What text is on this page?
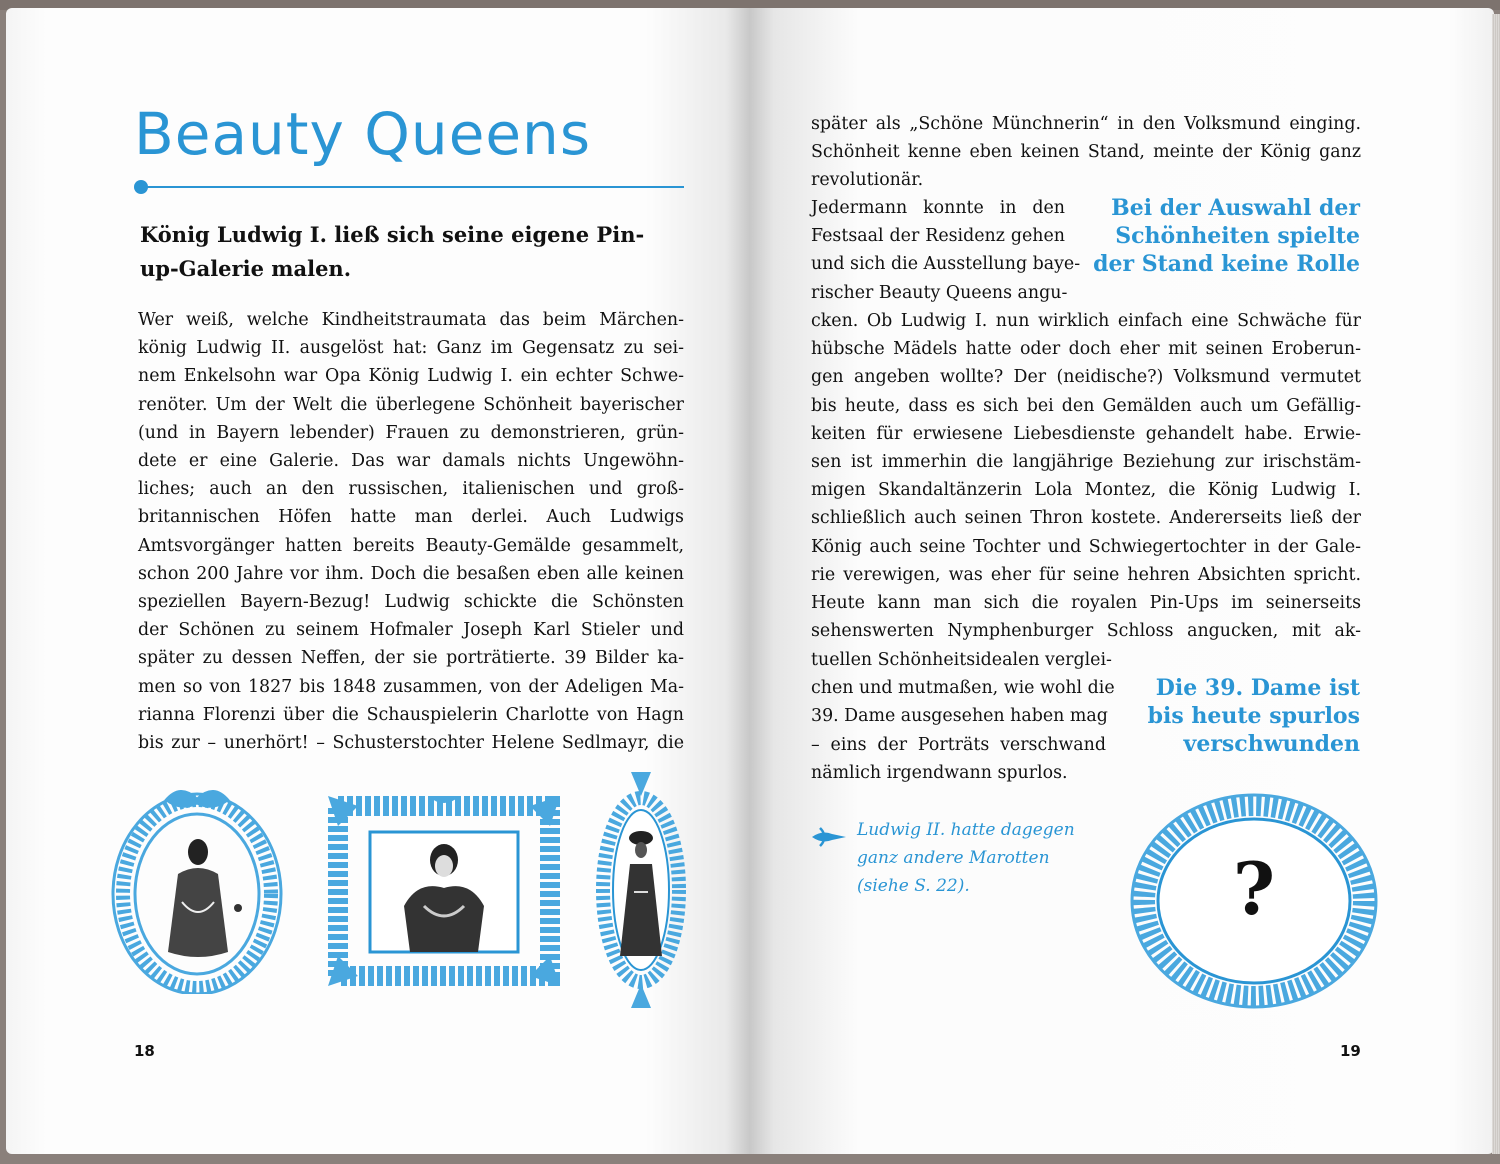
Beauty Queens
König Ludwig I. ließ sich seine eigene Pin-up-Galerie malen.
Wer weiß, welche Kindheitstraumata das beim Märchen-
könig Ludwig II. ausgelöst hat: Ganz im Gegensatz zu sei-
nem Enkelsohn war Opa König Ludwig I. ein echter Schwe-
renöter. Um der Welt die überlegene Schönheit bayerischer
(und in Bayern lebender) Frauen zu demonstrieren, grün-
dete er eine Galerie. Das war damals nichts Ungewöhn-
liches; auch an den russischen, italienischen und groß-
britannischen Höfen hatte man derlei. Auch Ludwigs
Amtsvorgänger hatten bereits Beauty-Gemälde gesammelt,
schon 200 Jahre vor ihm. Doch die besaßen eben alle keinen
speziellen Bayern-Bezug! Ludwig schickte die Schönsten
der Schönen zu seinem Hofmaler Joseph Karl Stieler und
später zu dessen Neffen, der sie porträtierte. 39 Bilder ka-
men so von 1827 bis 1848 zusammen, von der Adeligen Ma-
rianna Florenzi über die Schauspielerin Charlotte von Hagn
bis zur – unerhört! – Schusterstochter Helene Sedlmayr, die
18
später als „Schöne Münchnerin“ in den Volksmund einging.
Schönheit kenne eben keinen Stand, meinte der König ganz
revolutionär.
Jedermann konnte in den
Festsaal der Residenz gehen
und sich die Ausstellung baye-
rischer Beauty Queens angu-
Bei der Auswahl der Schönheiten spielte der Stand keine Rolle
cken. Ob Ludwig I. nun wirklich einfach eine Schwäche für
hübsche Mädels hatte oder doch eher mit seinen Eroberun-
gen angeben wollte? Der (neidische?) Volksmund vermutet
bis heute, dass es sich bei den Gemälden auch um Gefällig-
keiten für erwiesene Liebesdienste gehandelt habe. Erwie-
sen ist immerhin die langjährige Beziehung zur irischstäm-
migen Skandaltänzerin Lola Montez, die König Ludwig I.
schließlich auch seinen Thron kostete. Andererseits ließ der
König auch seine Tochter und Schwiegertochter in der Gale-
rie verewigen, was eher für seine hehren Absichten spricht.
Heute kann man sich die royalen Pin-Ups im seinerseits
sehenswerten Nymphenburger Schloss angucken, mit ak-
tuellen Schönheitsidealen verglei-
chen und mutmaßen, wie wohl die
39. Dame ausgesehen haben mag
– eins der Porträts verschwand
nämlich irgendwann spurlos.
Die 39. Dame ist bis heute spurlos verschwunden
Ludwig II. hatte dagegen
ganz andere Marotten
(siehe S. 22).	?
19
